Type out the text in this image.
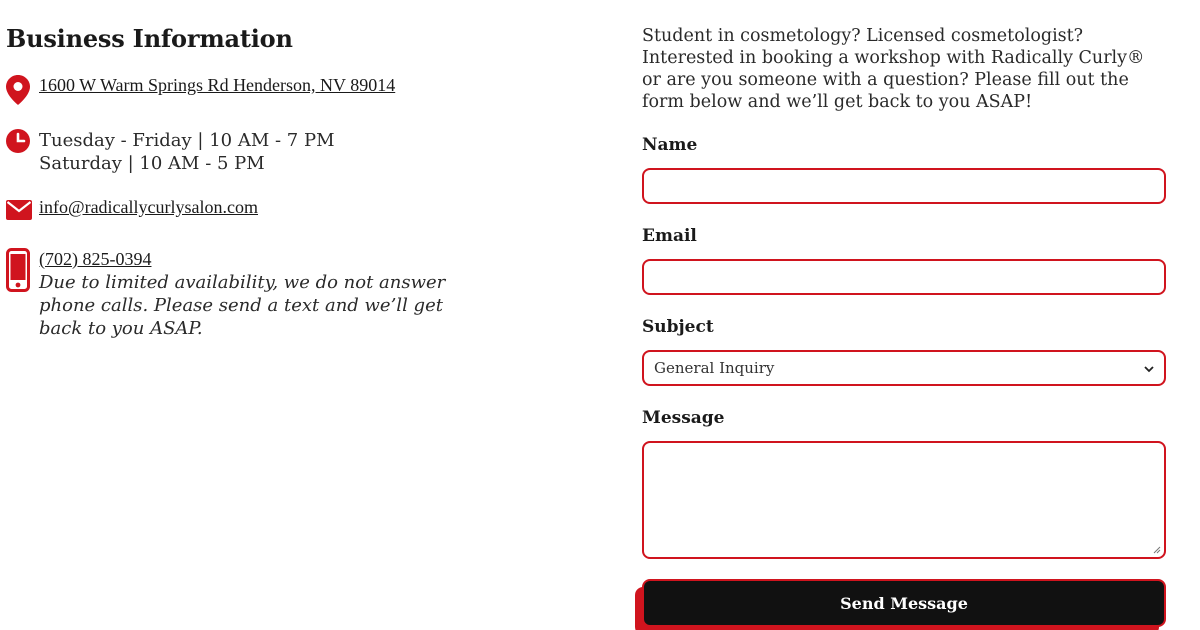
Business Information
1600 W Warm Springs Rd Henderson, NV 89014
Tuesday - Friday | 10 AM - 7 PM
Saturday | 10 AM - 5 PM
info@radicallycurlysalon.com
(702) 825-0394
Due to limited availability, we do not answer phone calls. Please send a text and we’ll get back to you ASAP.

Student in cosmetology? Licensed cosmetologist? Interested in booking a workshop with Radically Curly® or are you someone with a question? Please fill out the form below and we’ll get back to you ASAP!

Name
Email
Subject
General Inquiry
Message
Send Message
